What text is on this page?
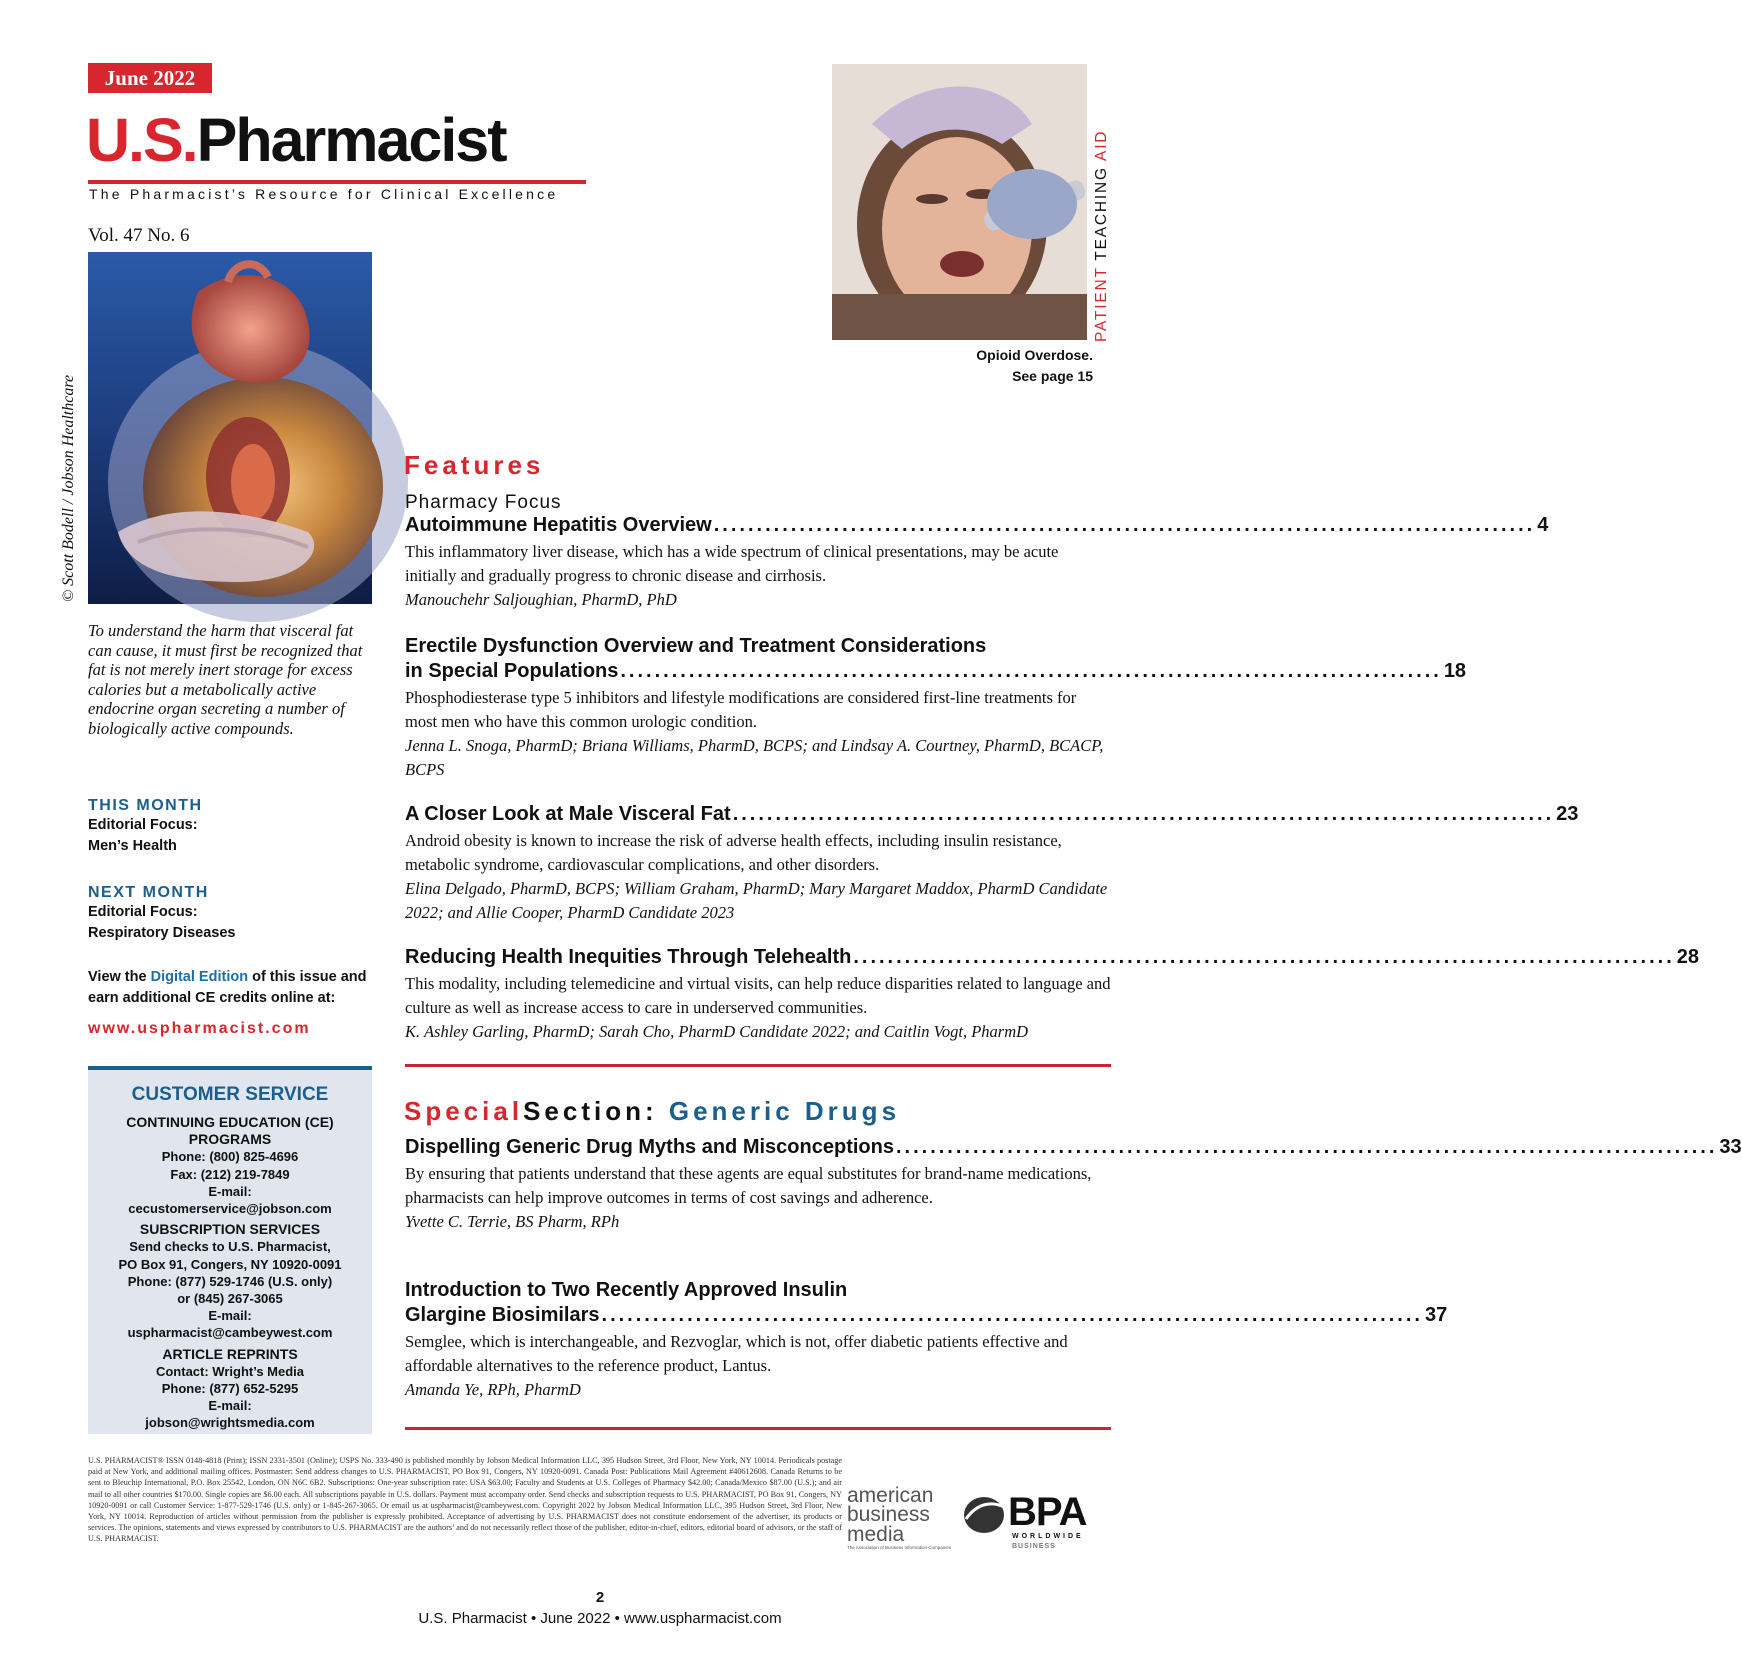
June 2022
U.S.Pharmacist
The Pharmacist’s Resource for Clinical Excellence
Vol. 47 No. 6
© Scott Bodell / Jobson Healthcare
To understand the harm that visceral fat can cause, it must first be recognized that fat is not merely inert storage for excess calories but a metabolically active endocrine organ secreting a number of biologically active compounds.
THIS MONTH
Editorial Focus:
Men’s Health
NEXT MONTH
Editorial Focus:
Respiratory Diseases
View the Digital Edition of this issue and
earn additional CE credits online at:
www.uspharmacist.com
CUSTOMER SERVICE
CONTINUING EDUCATION (CE) PROGRAMS
Phone: (800) 825-4696
Fax: (212) 219-7849
E-mail:
cecustomerservice@jobson.com
SUBSCRIPTION SERVICES
Send checks to U.S. Pharmacist,
PO Box 91, Congers, NY 10920-0091
Phone: (877) 529-1746 (U.S. only)
or (845) 267-3065
E-mail:
uspharmacist@cambeywest.com
ARTICLE REPRINTS
Contact: Wright’s Media
Phone: (877) 652-5295
E-mail:
jobson@wrightsmedia.com
PATIENT TEACHING AID
Opioid Overdose.
See page 15
Features
Pharmacy Focus
Autoimmune Hepatitis Overview ................................................................................................ 4
This inflammatory liver disease, which has a wide spectrum of clinical presentations, may be acute initially and gradually progress to chronic disease and cirrhosis.
Manouchehr Saljoughian, PharmD, PhD
Erectile Dysfunction Overview and Treatment Considerations
in Special Populations ................................................................................................ 18
Phosphodiesterase type 5 inhibitors and lifestyle modifications are considered first-line treatments for most men who have this common urologic condition.
Jenna L. Snoga, PharmD; Briana Williams, PharmD, BCPS; and Lindsay A. Courtney, PharmD, BCACP, BCPS
A Closer Look at Male Visceral Fat ................................................................................................ 23
Android obesity is known to increase the risk of adverse health effects, including insulin resistance, metabolic syndrome, cardiovascular complications, and other disorders.
Elina Delgado, PharmD, BCPS; William Graham, PharmD; Mary Margaret Maddox, PharmD Candidate 2022; and Allie Cooper, PharmD Candidate 2023
Reducing Health Inequities Through Telehealth ................................................................................................ 28
This modality, including telemedicine and virtual visits, can help reduce disparities related to language and culture as well as increase access to care in underserved communities.
K. Ashley Garling, PharmD; Sarah Cho, PharmD Candidate 2022; and Caitlin Vogt, PharmD
SpecialSection: Generic Drugs
Dispelling Generic Drug Myths and Misconceptions ................................................................................................ 33
By ensuring that patients understand that these agents are equal substitutes for brand-name medications, pharmacists can help improve outcomes in terms of cost savings and adherence.
Yvette C. Terrie, BS Pharm, RPh
Introduction to Two Recently Approved Insulin
Glargine Biosimilars ................................................................................................ 37
Semglee, which is interchangeable, and Rezvoglar, which is not, offer diabetic patients effective and affordable alternatives to the reference product, Lantus.
Amanda Ye, RPh, PharmD
U.S. PHARMACIST® ISSN 0148-4818 (Print); ISSN 2331-3501 (Online); USPS No. 333-490 is published monthly by Jobson Medical Information LLC, 395 Hudson Street, 3rd Floor, New York, NY 10014. Periodicals postage paid at New York, and additional mailing offices. Postmaster: Send address changes to U.S. PHARMACIST, PO Box 91, Congers, NY 10920-0091. Canada Post: Publications Mail Agreement #40612608. Canada Returns to be sent to Bleuchip International, P.O. Box 25542, London, ON N6C 6B2. Subscriptions: One-year subscription rate: USA $63.00; Faculty and Students at U.S. Colleges of Pharmacy $42.00; Canada/Mexico $87.00 (U.S.); and air mail to all other countries $170.00. Single copies are $6.00 each. All subscriptions payable in U.S. dollars. Payment must accompany order. Send checks and subscription requests to U.S. PHARMACIST, PO Box 91, Congers, NY 10920-0091 or call Customer Service: 1-877-529-1746 (U.S. only) or 1-845-267-3065. Or email us at uspharmacist@cambeywest.com. Copyright 2022 by Jobson Medical Information LLC, 395 Hudson Street, 3rd Floor, New York, NY 10014. Reproduction of articles without permission from the publisher is expressly prohibited. Acceptance of advertising by U.S. PHARMACIST does not constitute endorsement of the advertiser, its products or services. The opinions, statements and views expressed by contributors to U.S. PHARMACIST are the authors’ and do not necessarily reflect those of the publisher, editor-in-chief, editors, editorial board of advisors, or the staff of U.S. PHARMACIST.
american
business
media
The Association of Business Information Companies
BPA
WORLDWIDE
BUSINESS
2
U.S. Pharmacist • June 2022 • www.uspharmacist.com
